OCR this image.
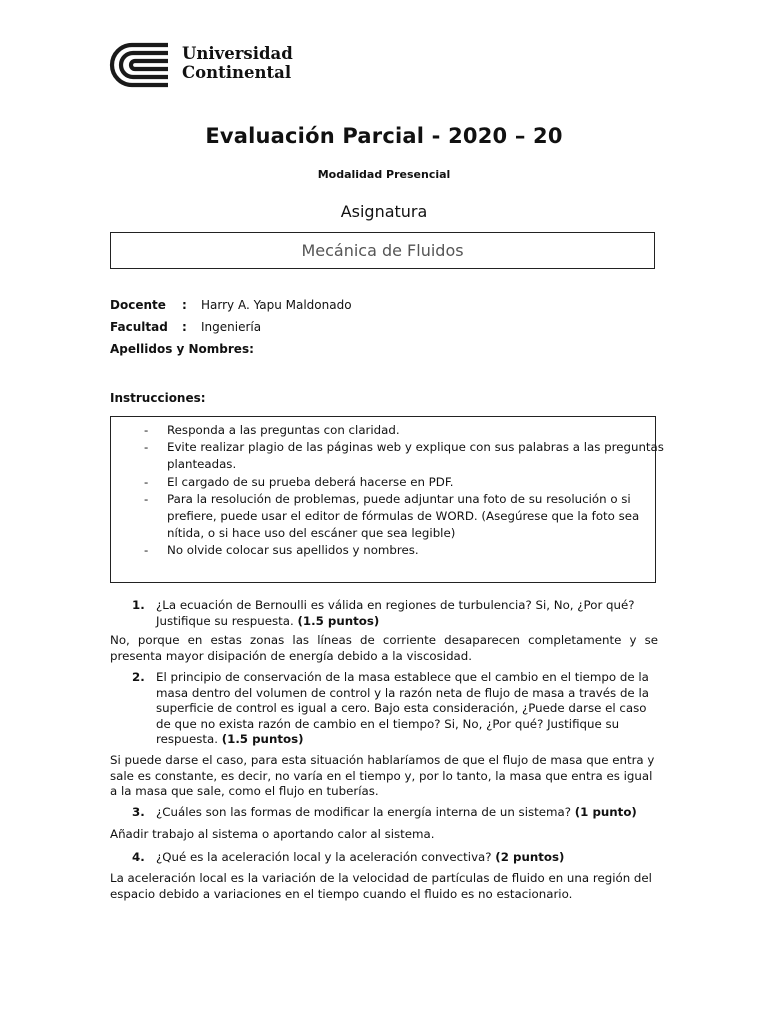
Universidad
Continental
Evaluación Parcial - 2020 – 20
Modalidad Presencial
Asignatura
Mecánica de Fluidos
Docente : Harry A. Yapu Maldonado
Facultad : Ingeniería
Apellidos y Nombres:
Instrucciones:
- Responda a las preguntas con claridad.
- Evite realizar plagio de las páginas web y explique con sus palabras a las preguntas planteadas.
- El cargado de su prueba deberá hacerse en PDF.
- Para la resolución de problemas, puede adjuntar una foto de su resolución o si prefiere, puede usar el editor de fórmulas de WORD. (Asegúrese que la foto sea nítida, o si hace uso del escáner que sea legible)
- No olvide colocar sus apellidos y nombres.
1. ¿La ecuación de Bernoulli es válida en regiones de turbulencia? Si, No, ¿Por qué? Justifique su respuesta. (1.5 puntos)
No, porque en estas zonas las líneas de corriente desaparecen completamente y se presenta mayor disipación de energía debido a la viscosidad.
2. El principio de conservación de la masa establece que el cambio en el tiempo de la masa dentro del volumen de control y la razón neta de flujo de masa a través de la superficie de control es igual a cero. Bajo esta consideración, ¿Puede darse el caso de que no exista razón de cambio en el tiempo? Si, No, ¿Por qué? Justifique su respuesta. (1.5 puntos)
Si puede darse el caso, para esta situación hablaríamos de que el flujo de masa que entra y sale es constante, es decir, no varía en el tiempo y, por lo tanto, la masa que entra es igual a la masa que sale, como el flujo en tuberías.
3. ¿Cuáles son las formas de modificar la energía interna de un sistema? (1 punto)
Añadir trabajo al sistema o aportando calor al sistema.
4. ¿Qué es la aceleración local y la aceleración convectiva? (2 puntos)
La aceleración local es la variación de la velocidad de partículas de fluido en una región del espacio debido a variaciones en el tiempo cuando el fluido es no estacionario.
